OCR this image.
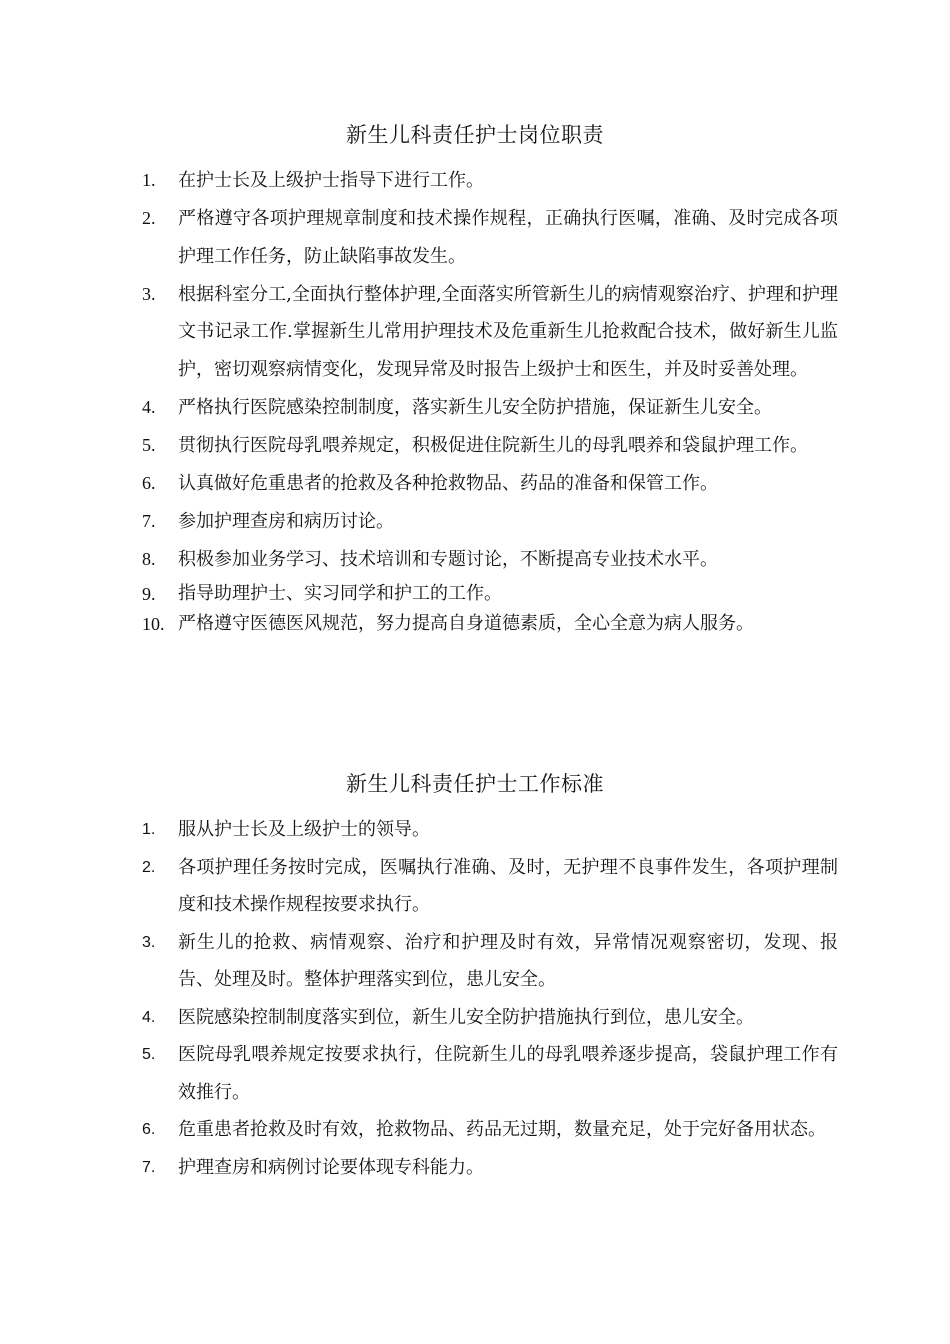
新生儿科责任护士岗位职责
1. 在护士长及上级护士指导下进行工作。
2. 严格遵守各项护理规章制度和技术操作规程，正确执行医嘱，准确、及时完成各项护理工作任务，防止缺陷事故发生。
3. 根据科室分工,全面执行整体护理,全面落实所管新生儿的病情观察治疗、护理和护理文书记录工作.掌握新生儿常用护理技术及危重新生儿抢救配合技术，做好新生儿监护，密切观察病情变化，发现异常及时报告上级护士和医生，并及时妥善处理。
4. 严格执行医院感染控制制度，落实新生儿安全防护措施，保证新生儿安全。
5. 贯彻执行医院母乳喂养规定，积极促进住院新生儿的母乳喂养和袋鼠护理工作。
6. 认真做好危重患者的抢救及各种抢救物品、药品的准备和保管工作。
7. 参加护理查房和病历讨论。
8. 积极参加业务学习、技术培训和专题讨论，不断提高专业技术水平。
9. 指导助理护士、实习同学和护工的工作。
10. 严格遵守医德医风规范，努力提高自身道德素质，全心全意为病人服务。
新生儿科责任护士工作标准
1. 服从护士长及上级护士的领导。
2. 各项护理任务按时完成，医嘱执行准确、及时，无护理不良事件发生，各项护理制度和技术操作规程按要求执行。
3. 新生儿的抢救、病情观察、治疗和护理及时有效，异常情况观察密切，发现、报告、处理及时。整体护理落实到位，患儿安全。
4. 医院感染控制制度落实到位，新生儿安全防护措施执行到位，患儿安全。
5. 医院母乳喂养规定按要求执行，住院新生儿的母乳喂养逐步提高，袋鼠护理工作有效推行。
6. 危重患者抢救及时有效，抢救物品、药品无过期，数量充足，处于完好备用状态。
7. 护理查房和病例讨论要体现专科能力。
